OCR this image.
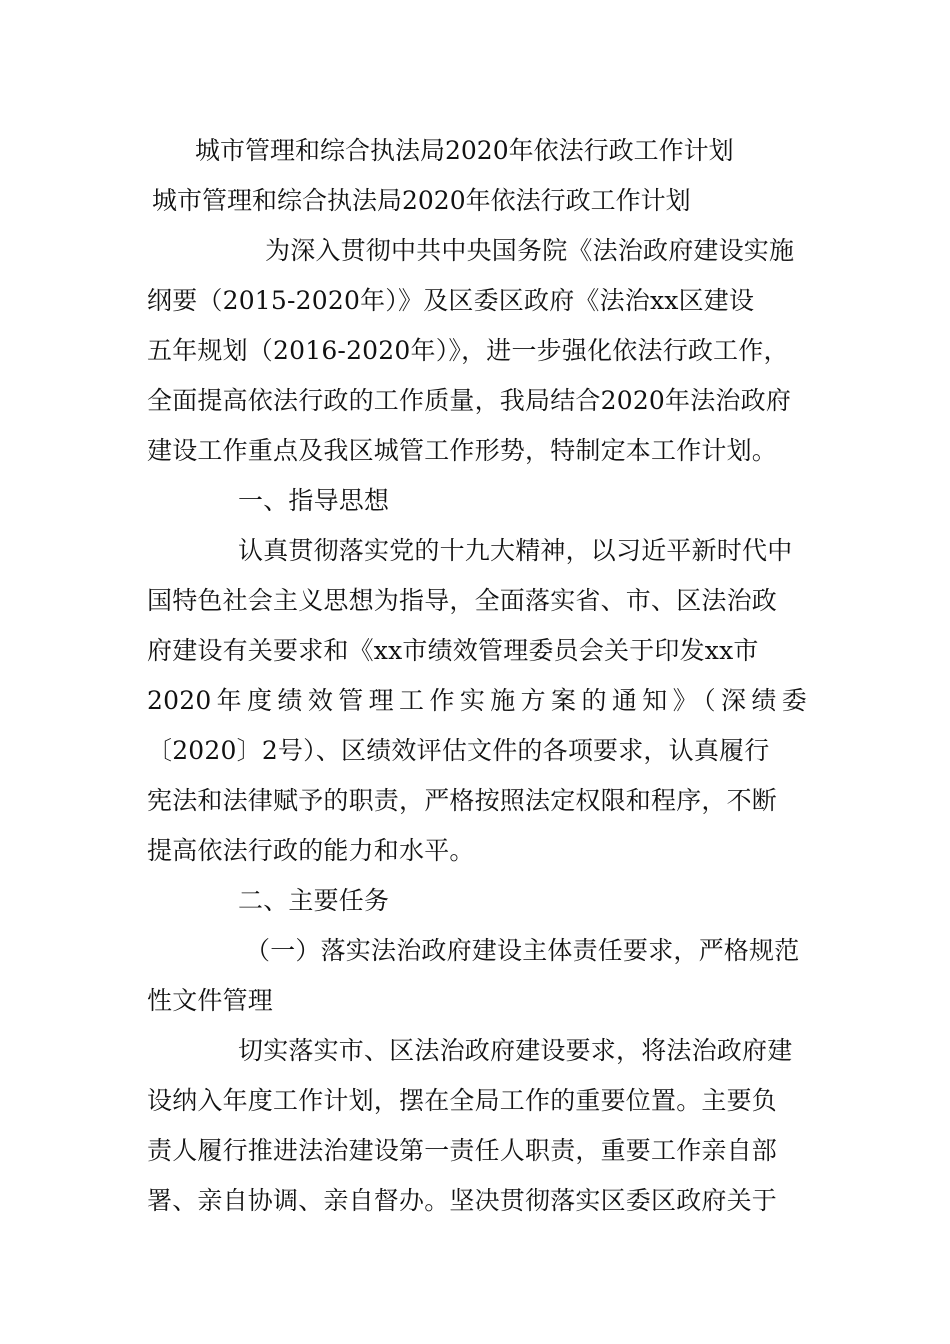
城市管理和综合执法局2020年依法行政工作计划
城市管理和综合执法局2020年依法行政工作计划
为深入贯彻中共中央国务院《法治政府建设实施
纲要（2015-2020年）》及区委区政府《法治xx区建设
五年规划（2016-2020年）》，进一步强化依法行政工作，
全面提高依法行政的工作质量，我局结合2020年法治政府
建设工作重点及我区城管工作形势，特制定本工作计划。
一、指导思想
认真贯彻落实党的十九大精神，以习近平新时代中
国特色社会主义思想为指导，全面落实省、市、区法治政
府建设有关要求和《xx市绩效管理委员会关于印发xx市
2020年度绩效管理工作实施方案的通知》（深绩委
〔2020〕2号）、区绩效评估文件的各项要求，认真履行
宪法和法律赋予的职责，严格按照法定权限和程序，不断
提高依法行政的能力和水平。
二、主要任务
（一）落实法治政府建设主体责任要求，严格规范
性文件管理
切实落实市、区法治政府建设要求，将法治政府建
设纳入年度工作计划，摆在全局工作的重要位置。主要负
责人履行推进法治建设第一责任人职责，重要工作亲自部
署、亲自协调、亲自督办。坚决贯彻落实区委区政府关于
